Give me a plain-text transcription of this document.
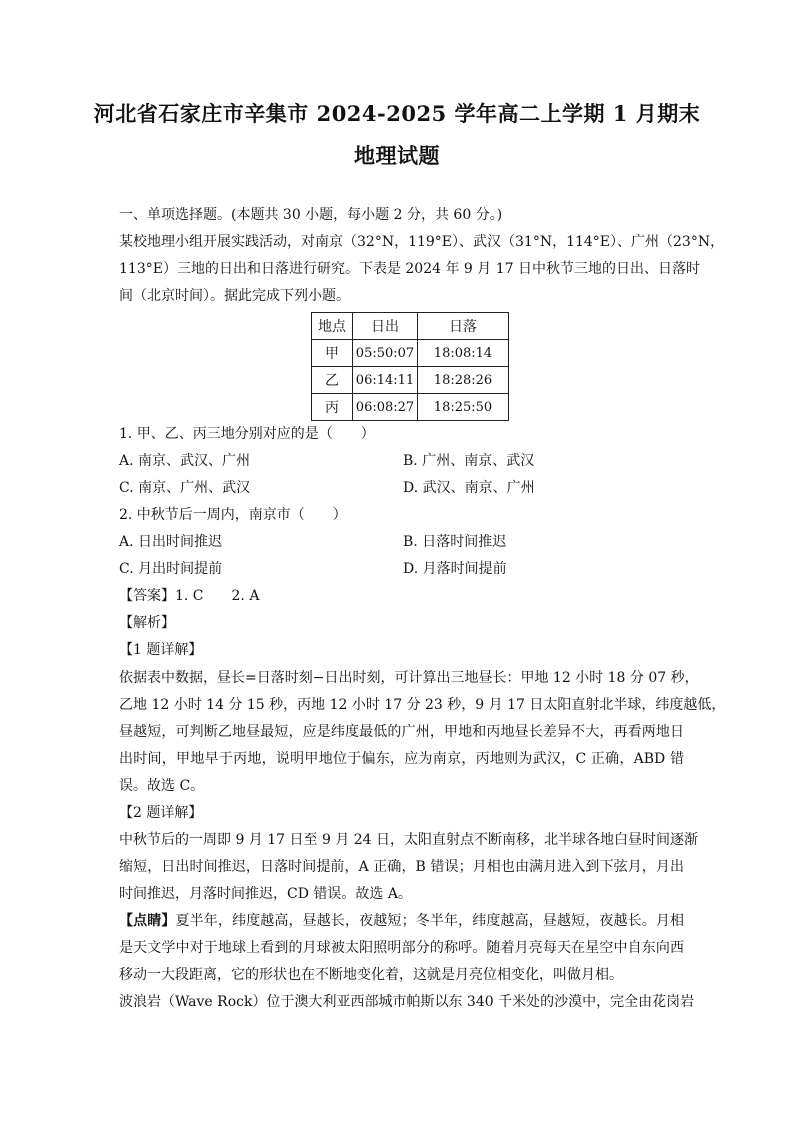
河北省石家庄市辛集市 2024-2025 学年高二上学期 1 月期末
地理试题
一、单项选择题。(本题共 30 小题，每小题 2 分，共 60 分。)
某校地理小组开展实践活动，对南京（32°N，119°E）、武汉（31°N，114°E）、广州（23°N，
113°E）三地的日出和日落进行研究。下表是 2024 年 9 月 17 日中秋节三地的日出、日落时
间（北京时间）。据此完成下列小题。
地点	日出	日落
甲	05:50:07	18:08:14
乙	06:14:11	18:28:26
丙	06:08:27	18:25:50
1. 甲、乙、丙三地分别对应的是（　　）
A. 南京、武汉、广州	B. 广州、南京、武汉
C. 南京、广州、武汉	D. 武汉、南京、广州
2. 中秋节后一周内，南京市（　　）
A. 日出时间推迟	B. 日落时间推迟
C. 月出时间提前	D. 月落时间提前
【答案】1. C　　2. A
【解析】
【1 题详解】
依据表中数据，昼长=日落时刻−日出时刻，可计算出三地昼长：甲地 12 小时 18 分 07 秒，
乙地 12 小时 14 分 15 秒，丙地 12 小时 17 分 23 秒，9 月 17 日太阳直射北半球，纬度越低，
昼越短，可判断乙地昼最短，应是纬度最低的广州，甲地和丙地昼长差异不大，再看两地日
出时间，甲地早于丙地，说明甲地位于偏东，应为南京，丙地则为武汉，C 正确，ABD 错
误。故选 C。
【2 题详解】
中秋节后的一周即 9 月 17 日至 9 月 24 日，太阳直射点不断南移，北半球各地白昼时间逐渐
缩短，日出时间推迟，日落时间提前，A 正确，B 错误；月相也由满月进入到下弦月，月出
时间推迟，月落时间推迟，CD 错误。故选 A。
【点睛】夏半年，纬度越高，昼越长，夜越短；冬半年，纬度越高，昼越短，夜越长。月相
是天文学中对于地球上看到的月球被太阳照明部分的称呼。随着月亮每天在星空中自东向西
移动一大段距离，它的形状也在不断地变化着，这就是月亮位相变化，叫做月相。
波浪岩（Wave Rock）位于澳大利亚西部城市帕斯以东 340 千米处的沙漠中，完全由花岗岩
